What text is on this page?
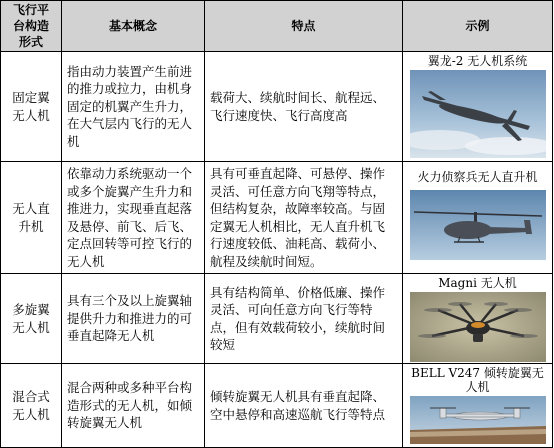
飞行平
台构造
形式	基本概念	特点	示例

固定翼
无人机	指由动力装置产生前进的推力或拉力，由机身固定的机翼产生升力，在大气层内飞行的无人机	载荷大、续航时间长、航程远、飞行速度快、飞行高度高	翼龙-2 无人机系统

无人直
升机	依靠动力系统驱动一个或多个旋翼产生升力和推进力，实现垂直起落及悬停、前飞、后飞、定点回转等可控飞行的无人机	具有可垂直起降、可悬停、操作灵活、可任意方向飞翔等特点，但结构复杂，故障率较高。与固定翼无人机相比，无人直升机飞行速度较低、油耗高、载荷小、航程及续航时间短。	火力侦察兵无人直升机

多旋翼
无人机	具有三个及以上旋翼轴提供升力和推进力的可垂直起降无人机	具有结构简单、价格低廉、操作灵活、可向任意方向飞行等特点，但有效载荷较小，续航时间较短	Magni 无人机

混合式
无人机	混合两种或多种平台构造形式的无人机，如倾转旋翼无人机	倾转旋翼无人机具有垂直起降、空中悬停和高速巡航飞行等特点	BELL V247 倾转旋翼无人机
